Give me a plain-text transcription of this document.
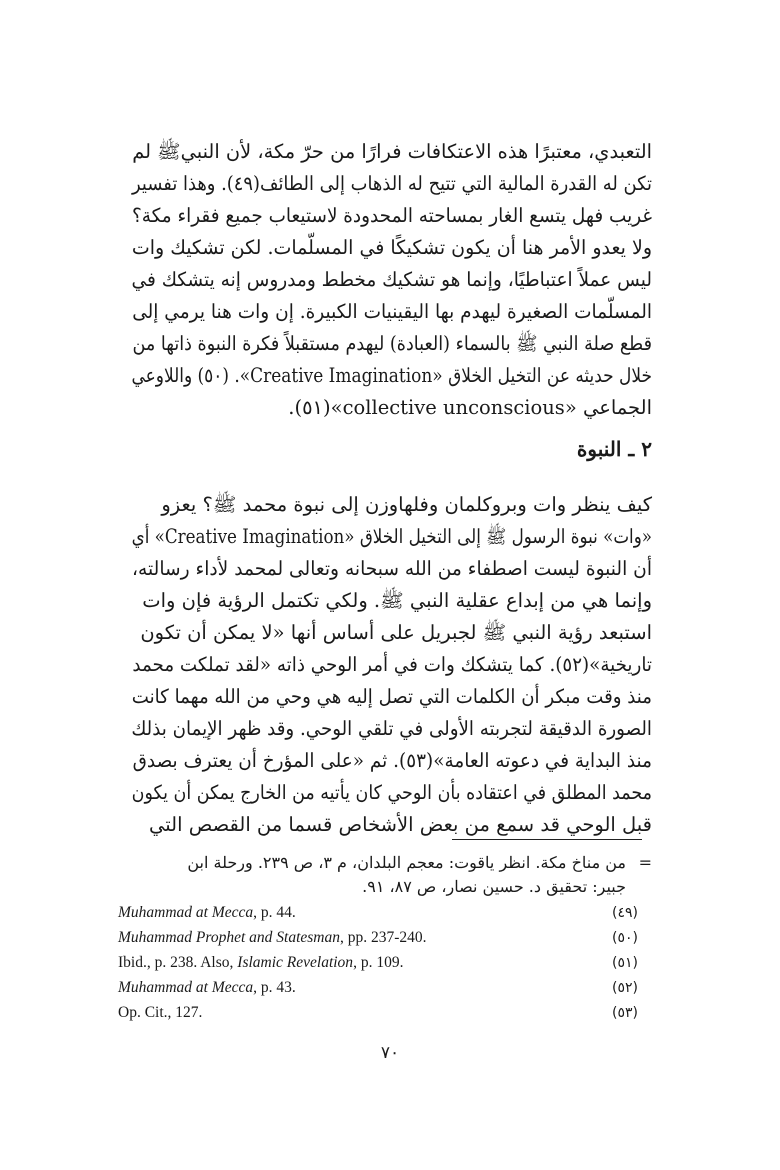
التعبدي، معتبرًا هذه الاعتكافات فرارًا من حرّ مكة، لأن النبيﷺ لم
تكن له القدرة المالية التي تتيح له الذهاب إلى الطائف(٤٩). وهذا تفسير
غريب فهل يتسع الغار بمساحته المحدودة لاستيعاب جميع فقراء مكة؟
ولا يعدو الأمر هنا أن يكون تشكيكًا في المسلّمات. لكن تشكيك وات
ليس عملاً اعتباطيًا، وإنما هو تشكيك مخطط ومدروس إنه يتشكك في
المسلّمات الصغيرة ليهدم بها اليقينيات الكبيرة. إن وات هنا يرمي إلى
قطع صلة النبي ﷺ بالسماء (العبادة) ليهدم مستقبلاً فكرة النبوة ذاتها من
خلال حديثه عن التخيل الخلاق «Creative Imagination». (٥٠) واللاوعي
الجماعي «collective unconscious»(٥١).
٢ ـ النبوة
كيف ينظر وات وبروكلمان وفلهاوزن إلى نبوة محمد ﷺ؟ يعزو
«وات» نبوة الرسول ﷺ إلى التخيل الخلاق «Creative Imagination» أي
أن النبوة ليست اصطفاء من الله سبحانه وتعالى لمحمد لأداء رسالته،
وإنما هي من إبداع عقلية النبي ﷺ. ولكي تكتمل الرؤية فإن وات
استبعد رؤية النبي ﷺ لجبريل على أساس أنها «لا يمكن أن تكون
تاريخية»(٥٢). كما يتشكك وات في أمر الوحي ذاته «لقد تملكت محمد
منذ وقت مبكر أن الكلمات التي تصل إليه هي وحي من الله مهما كانت
الصورة الدقيقة لتجربته الأولى في تلقي الوحي. وقد ظهر الإيمان بذلك
منذ البداية في دعوته العامة»(٥٣). ثم «على المؤرخ أن يعترف بصدق
محمد المطلق في اعتقاده بأن الوحي كان يأتيه من الخارج يمكن أن يكون
قبل الوحي قد سمع من بعض الأشخاص قسما من القصص التي
=من مناخ مكة. انظر ياقوت: معجم البلدان، م ٣، ص ٢٣٩. ورحلة ابن
جبير: تحقيق د. حسين نصار، ص ٨٧، ٩١.
Muhammad at Mecca, p. 44.	(٤٩)
Muhammad Prophet and Statesman, pp. 237-240.	(٥٠)
Ibid., p. 238. Also, Islamic Revelation, p. 109.	(٥١)
Muhammad at Mecca, p. 43.	(٥٢)
Op. Cit., 127.	(٥٣)
٧٠
